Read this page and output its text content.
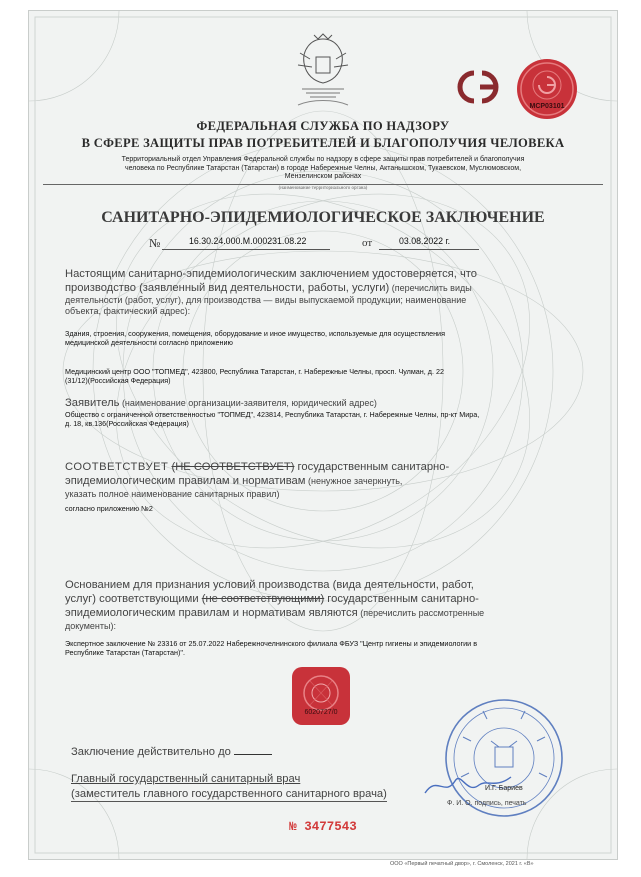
МСР03101
ФЕДЕРАЛЬНАЯ СЛУЖБА ПО НАДЗОРУ
В СФЕРЕ ЗАЩИТЫ ПРАВ ПОТРЕБИТЕЛЕЙ И БЛАГОПОЛУЧИЯ ЧЕЛОВЕКА
Территориальный отдел Управления Федеральной службы по надзору в сфере защиты прав потребителей и благополучия
человека по Республике Татарстан (Татарстан) в городе Набережные Челны, Актанышском, Тукаевском, Муслюмовском,
Мензелинском районах
(наименование территориального органа)
САНИТАРНО-ЭПИДЕМИОЛОГИЧЕСКОЕ ЗАКЛЮЧЕНИЕ
№	16.30.24.000.М.000231.08.22	от	03.08.2022 г.
Настоящим санитарно-эпидемиологическим заключением удостоверяется, что
производство (заявленный вид деятельности, работы, услуги) (перечислить виды
деятельности (работ, услуг), для производства — виды выпускаемой продукции; наименование
объекта, фактический адрес):
Здания, строения, сооружения, помещения, оборудование и иное имущество, используемые для осуществления
медицинской деятельности согласно приложению
Медицинский центр ООО "ТОПМЕД", 423800, Республика Татарстан, г. Набережные Челны, просп. Чулман, д. 22
(31/12)(Российская Федерация)
Заявитель (наименование организации-заявителя, юридический адрес)
Общество с ограниченной ответственностью "ТОПМЕД", 423814, Республика Татарстан, г. Набережные Челны, пр-кт Мира,
д. 18, кв.136(Российская Федерация)
СООТВЕТСТВУЕТ (НЕ СООТВЕТСТВУЕТ) государственным санитарно-
эпидемиологическим правилам и нормативам (ненужное зачеркнуть,
указать полное наименование санитарных правил)
согласно приложению №2
Основанием для признания условий производства (вида деятельности, работ,
услуг) соответствующими (не соответствующими) государственным санитарно-
эпидемиологическим правилам и нормативам являются (перечислить рассмотренные
документы):
Экспертное заключение № 23316 от 25.07.2022 Набережночелнинского филиала ФБУЗ "Центр гигиены и эпидемиологии в
Республике Татарстан (Татарстан)".
6020727/0
Заключение действительно до
Главный государственный санитарный врач
(заместитель главного государственного санитарного врача)	И.Г. Бариев
Ф. И. О. подпись, печать
№ 3477543
ООО «Первый печатный двор», г. Смоленск, 2021 г. «В»
